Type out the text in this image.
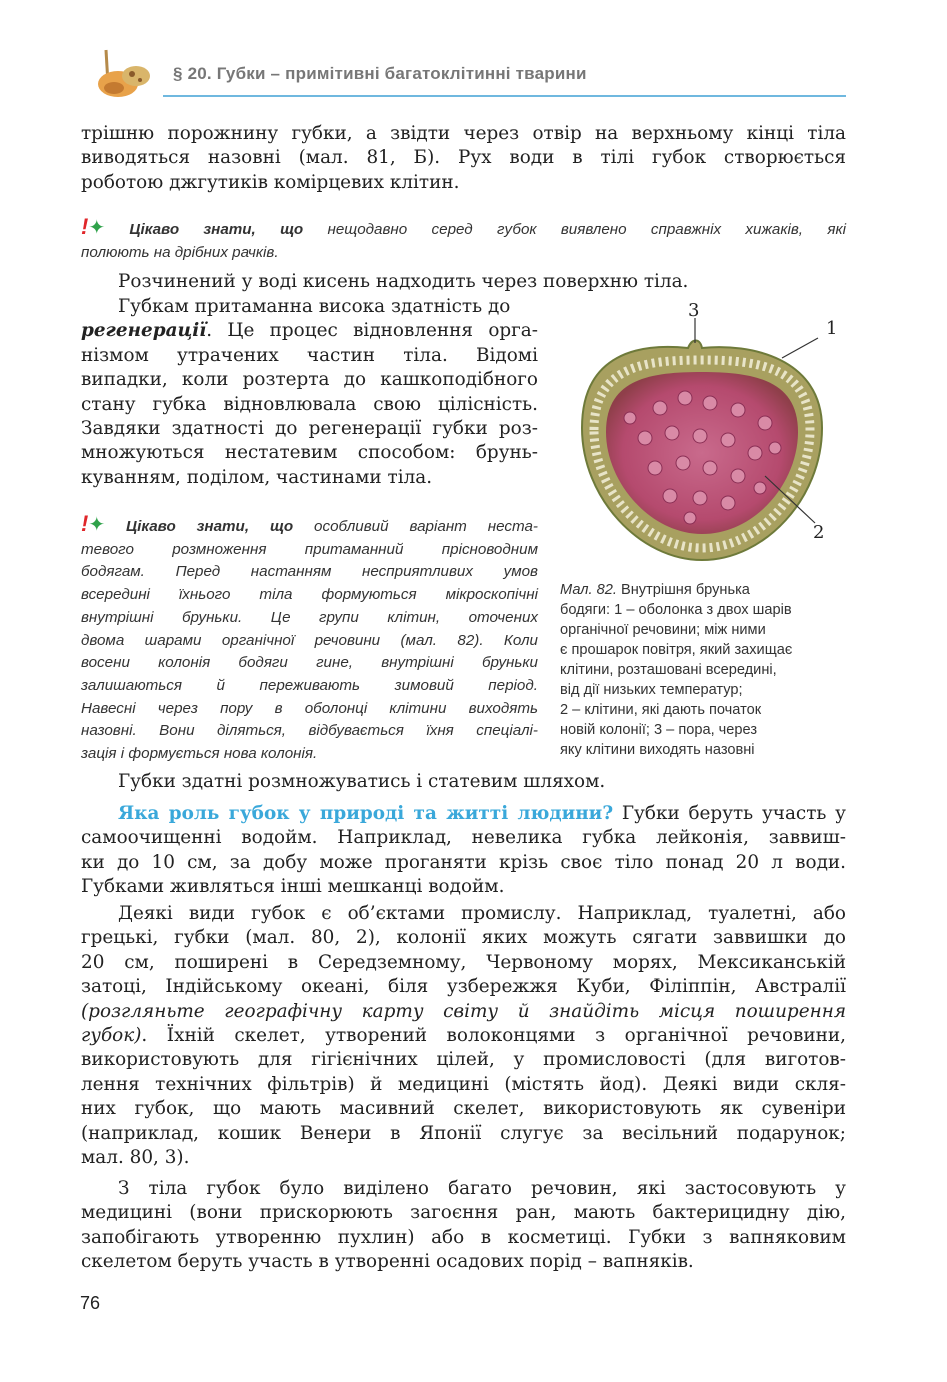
§ 20. Губки – примітивні багатоклітинні тварини
трішню порожнину губки, а звідти через отвір на верхньому кінці тіла
виводяться назовні (мал. 81, Б). Рух води в тілі губок створюється
роботою джгутиків комірцевих клітин.
!✦ Цікаво знати, що нещодавно серед губок виявлено справжніх хижаків, які
полюють на дрібних рачків.
Розчинений у воді кисень надходить через поверхню тіла.
Губкам притаманна висока здатність до
регенерації. Це процес відновлення орга-
нізмом утрачених частин тіла. Відомі
випадки, коли розтерта до кашкоподібного
стану губка відновлювала свою цілісність.
Завдяки здатності до регенерації губки роз-
множуються нестатевим способом: брунь-
куванням, поділом, частинами тіла.
!✦ Цікаво знати, що особливий варіант неста-
тевого розмноження притаманний прісноводним
бодягам. Перед настанням несприятливих умов
всередині їхнього тіла формуються мікроскопічні
внутрішні бруньки. Це групи клітин, оточених
двома шарами органічної речовини (мал. 82). Коли
восени колонія бодяги гине, внутрішні бруньки
залишаються й переживають зимовий період.
Навесні через пору в оболонці клітини виходять
назовні. Вони діляться, відбувається їхня спеціалі-
зація і формується нова колонія.
3
1
2
Мал. 82. Внутрішня брунька
бодяги: 1 – оболонка з двох шарів
органічної речовини; між ними
є прошарок повітря, який захищає
клітини, розташовані всередині,
від дії низьких температур;
2 – клітини, які дають початок
новій колонії; 3 – пора, через
яку клітини виходять назовні
Губки здатні розмножуватись і статевим шляхом.
Яка роль губок у природі та житті людини? Губки беруть участь у
самоочищенні водойм. Наприклад, невелика губка лейконія, заввиш-
ки до 10 см, за добу може проганяти крізь своє тіло понад 20 л води.
Губками живляться інші мешканці водойм.
Деякі види губок є об’єктами промислу. Наприклад, туалетні, або
грецькі, губки (мал. 80, 2), колонії яких можуть сягати заввишки до
20 см, поширені в Середземному, Червоному морях, Мексиканській
затоці, Індійському океані, біля узбережжя Куби, Філіппін, Австралії
(розгляньте географічну карту світу й знайдіть місця поширення
губок). Їхній скелет, утворений волоконцями з органічної речовини,
використовують для гігієнічних цілей, у промисловості (для виготов-
лення технічних фільтрів) й медицині (містять йод). Деякі види скля-
них губок, що мають масивний скелет, використовують як сувеніри
(наприклад, кошик Венери в Японії слугує за весільний подарунок;
мал. 80, 3).
З тіла губок було виділено багато речовин, які застосовують у
медицині (вони прискорюють загоєння ран, мають бактерицидну дію,
запобігають утворенню пухлин) або в косметиці. Губки з вапняковим
скелетом беруть участь в утворенні осадових порід – вапняків.
76
